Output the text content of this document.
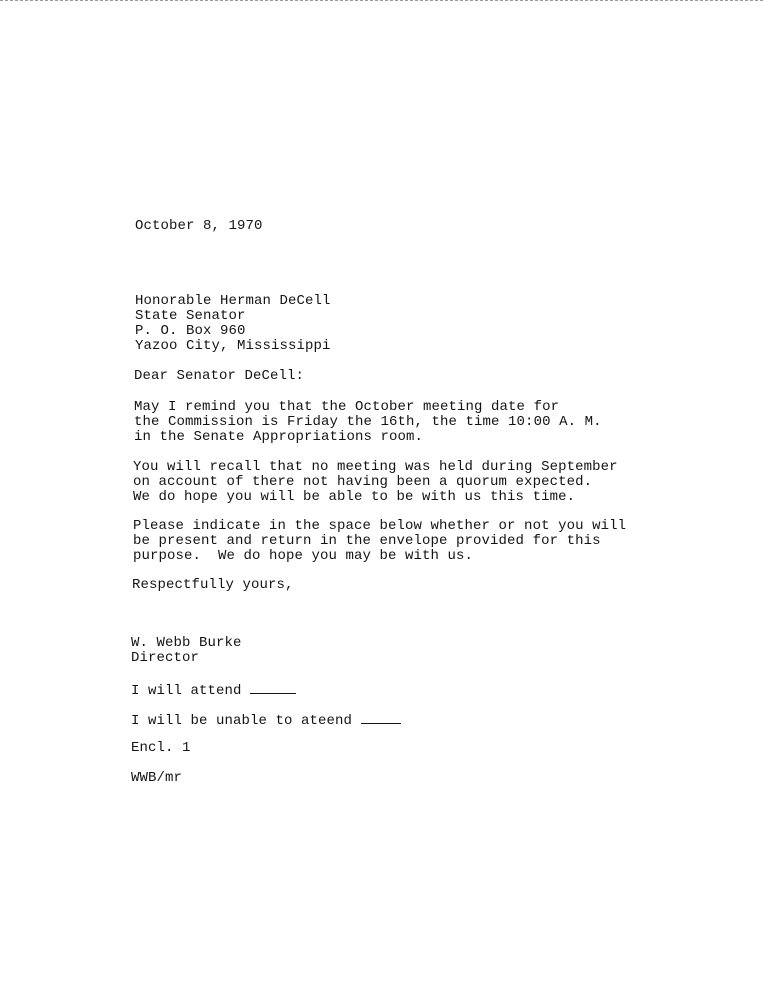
October 8, 1970
Honorable Herman DeCell
State Senator
P. O. Box 960
Yazoo City, Mississippi
Dear Senator DeCell:
May I remind you that the October meeting date for
the Commission is Friday the 16th, the time 10:00 A. M.
in the Senate Appropriations room.
You will recall that no meeting was held during September
on account of there not having been a quorum expected.
We do hope you will be able to be with us this time.
Please indicate in the space below whether or not you will
be present and return in the envelope provided for this
purpose.  We do hope you may be with us.
Respectfully yours,
W. Webb Burke
Director
I will attend
I will be unable to ateend
Encl. 1
WWB/mr
